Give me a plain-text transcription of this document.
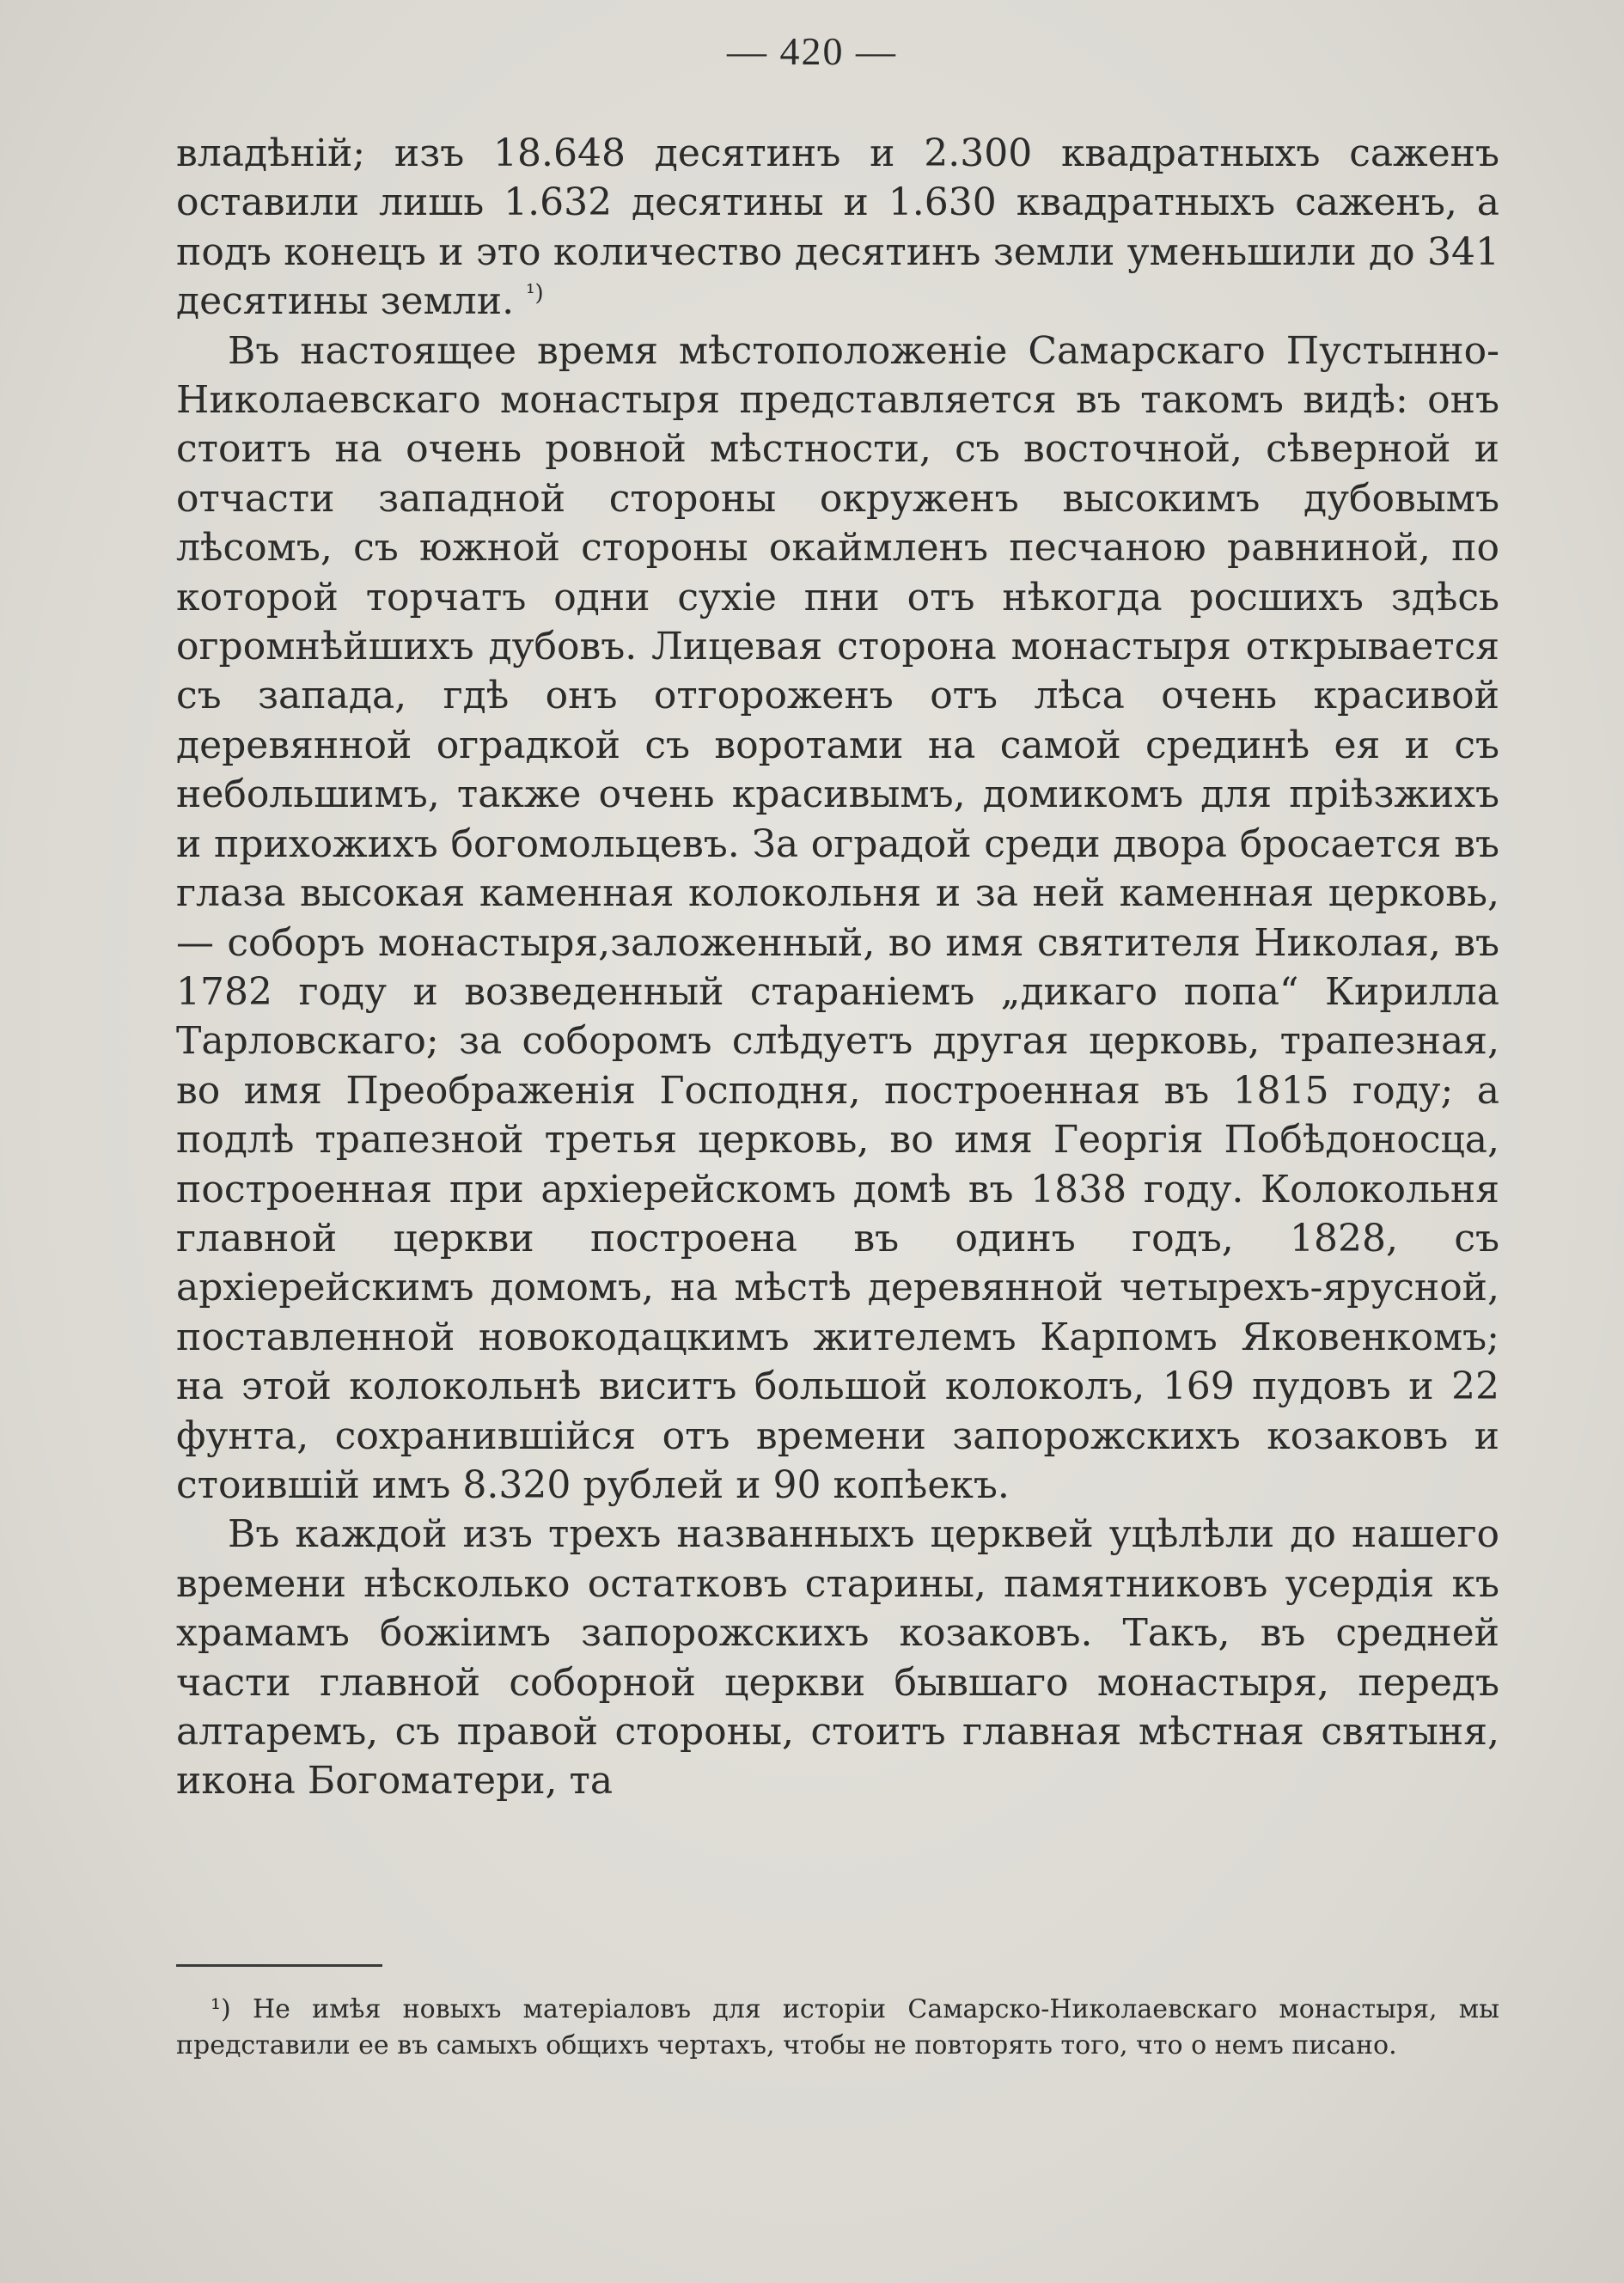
— 420 —

владѣній; изъ 18.648 десятинъ и 2.300 квадратныхъ саженъ оставили лишь 1.632 десятины и 1.630 квадратныхъ саженъ, а подъ конецъ и это количество десятинъ земли уменьшили до 341 десятины земли. $^{^1)}$

Въ настоящее время мѣстоположеніе Самарскаго Пустынно-Николаевскаго монастыря представляется въ такомъ видѣ: онъ стоитъ на очень ровной мѣстности, съ восточной, сѣверной и отчасти западной стороны окруженъ высокимъ дубовымъ лѣсомъ, съ южной стороны окаймленъ песчаною равниной, по которой торчатъ одни сухіе пни отъ нѣкогда росшихъ здѣсь огромнѣйшихъ дубовъ. Лицевая сторона монастыря открывается съ запада, гдѣ онъ отгороженъ отъ лѣса очень красивой деревянной оградкой съ воротами на самой срединѣ ея и съ небольшимъ, также очень красивымъ, домикомъ для пріѣзжихъ и прихожихъ богомольцевъ. За оградой среди двора бросается въ глаза высокая каменная колокольня и за ней каменная церковь,— соборъ монастыря,заложенный, во имя святителя Николая, въ 1782 году и возведенный стараніемъ „дикаго попа“ Кирилла Тарловскаго; за соборомъ слѣдуетъ другая церковь, трапезная, во имя Преображенія Господня, построенная въ 1815 году; а подлѣ трапезной третья церковь, во имя Георгія Побѣдоносца, построенная при архіерейскомъ домѣ въ 1838 году. Колокольня главной церкви построена въ одинъ годъ, 1828, съ архіерейскимъ домомъ, на мѣстѣ деревянной четырехъ-ярусной, поставленной новокодацкимъ жителемъ Карпомъ Яковенкомъ; на этой колокольнѣ виситъ большой колоколъ, 169 пудовъ и 22 фунта, сохранившійся отъ времени запорожскихъ козаковъ и стоившій имъ 8.320 рублей и 90 копѣекъ.

Въ каждой изъ трехъ названныхъ церквей уцѣлѣли до нашего времени нѣсколько остатковъ старины, памятниковъ усердія къ храмамъ божіимъ запорожскихъ козаковъ. Такъ, въ средней части главной соборной церкви бывшаго монастыря, передъ алтаремъ, съ правой стороны, стоитъ главная мѣстная святыня, икона Богоматери, та

¹) Не имѣя новыхъ матеріаловъ для исторіи Самарско-Николаевскаго монастыря, мы представили ее въ самыхъ общихъ чертахъ, чтобы не повторять того, что о немъ писано.
